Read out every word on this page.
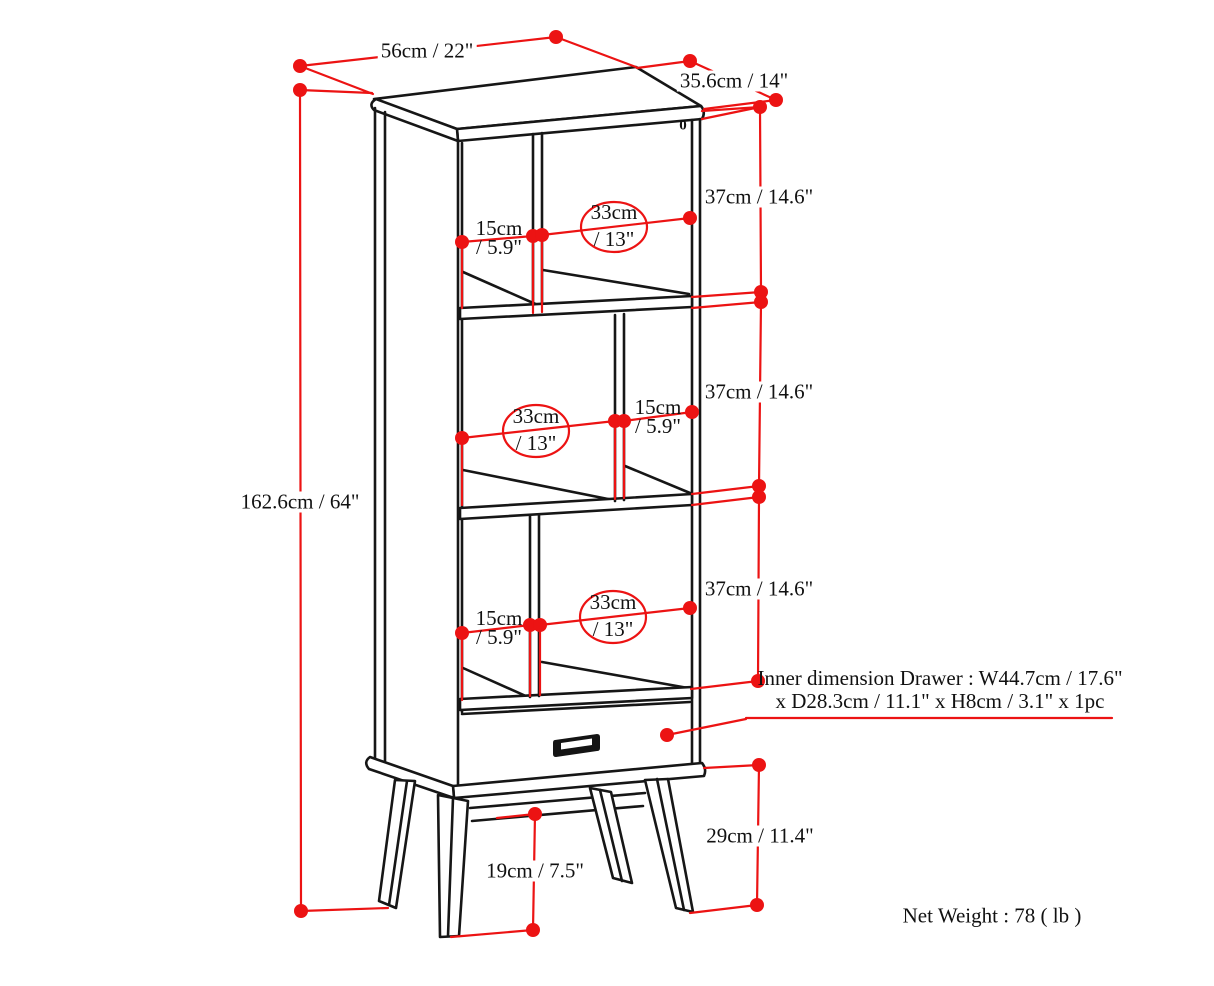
56cm / 22"
35.6cm / 14"
162.6cm / 64"
37cm / 14.6"
37cm / 14.6"
37cm / 14.6"
15cm
/ 5.9"
33cm
/ 13"
33cm
/ 13"
15cm
/ 5.9"
15cm
/ 5.9"
33cm
/ 13"
Inner dimension Drawer : W44.7cm / 17.6"
x D28.3cm / 11.1" x H8cm / 3.1" x 1pc
19cm / 7.5"
29cm / 11.4"
Net Weight : 78 ( lb )
0
